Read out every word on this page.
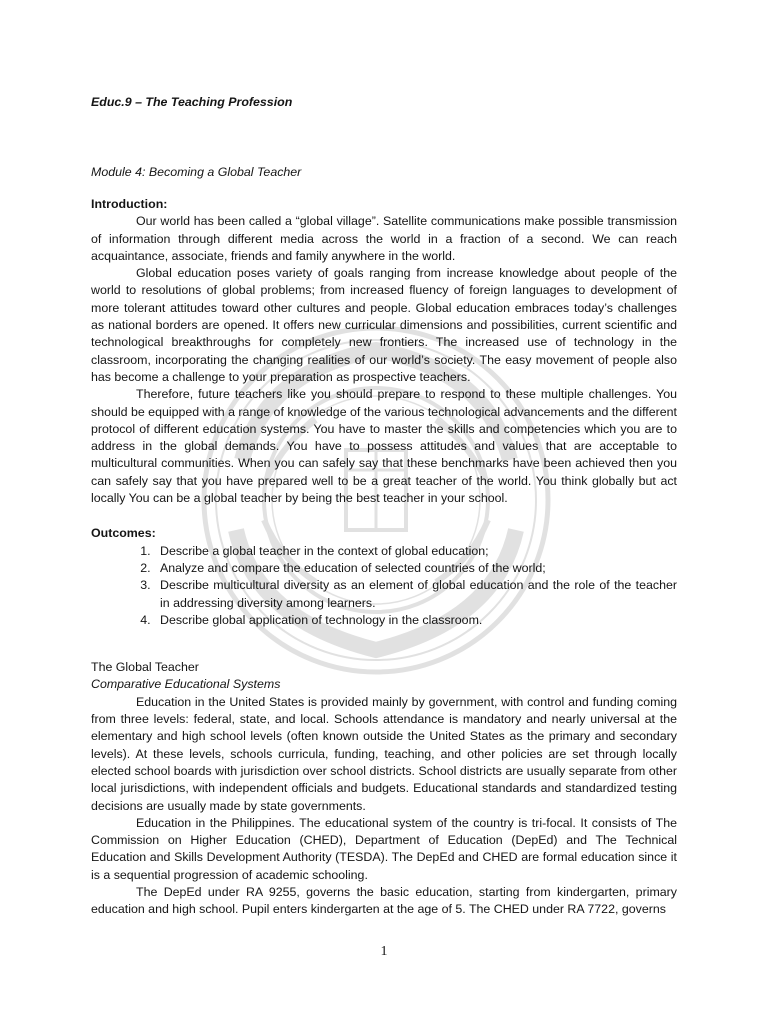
Educ.9 – The Teaching Profession

Module 4: Becoming a Global Teacher

Introduction:

Our world has been called a “global village”. Satellite communications make possible transmission of information through different media across the world in a fraction of a second. We can reach acquaintance, associate, friends and family anywhere in the world.

Global education poses variety of goals ranging from increase knowledge about people of the world to resolutions of global problems; from increased fluency of foreign languages to development of more tolerant attitudes toward other cultures and people. Global education embraces today’s challenges as national borders are opened. It offers new curricular dimensions and possibilities, current scientific and technological breakthroughs for completely new frontiers. The increased use of technology in the classroom, incorporating the changing realities of our world’s society. The easy movement of people also has become a challenge to your preparation as prospective teachers.

Therefore, future teachers like you should prepare to respond to these multiple challenges. You should be equipped with a range of knowledge of the various technological advancements and the different protocol of different education systems. You have to master the skills and competencies which you are to address in the global demands. You have to possess attitudes and values that are acceptable to multicultural communities. When you can safely say that these benchmarks have been achieved then you can safely say that you have prepared well to be a great teacher of the world. You think globally but act locally You can be a global teacher by being the best teacher in your school.

Outcomes:

1. Describe a global teacher in the context of global education;
2. Analyze and compare the education of selected countries of the world;
3. Describe multicultural diversity as an element of global education and the role of the teacher in addressing diversity among learners.
4. Describe global application of technology in the classroom.

The Global Teacher

Comparative Educational Systems

Education in the United States is provided mainly by government, with control and funding coming from three levels: federal, state, and local. Schools attendance is mandatory and nearly universal at the elementary and high school levels (often known outside the United States as the primary and secondary levels). At these levels, schools curricula, funding, teaching, and other policies are set through locally elected school boards with jurisdiction over school districts. School districts are usually separate from other local jurisdictions, with independent officials and budgets. Educational standards and standardized testing decisions are usually made by state governments.

Education in the Philippines. The educational system of the country is tri-focal. It consists of The Commission on Higher Education (CHED), Department of Education (DepEd) and The Technical Education and Skills Development Authority (TESDA). The DepEd and CHED are formal education since it is a sequential progression of academic schooling.

The DepEd under RA 9255, governs the basic education, starting from kindergarten, primary education and high school. Pupil enters kindergarten at the age of 5. The CHED under RA 7722, governs

1
